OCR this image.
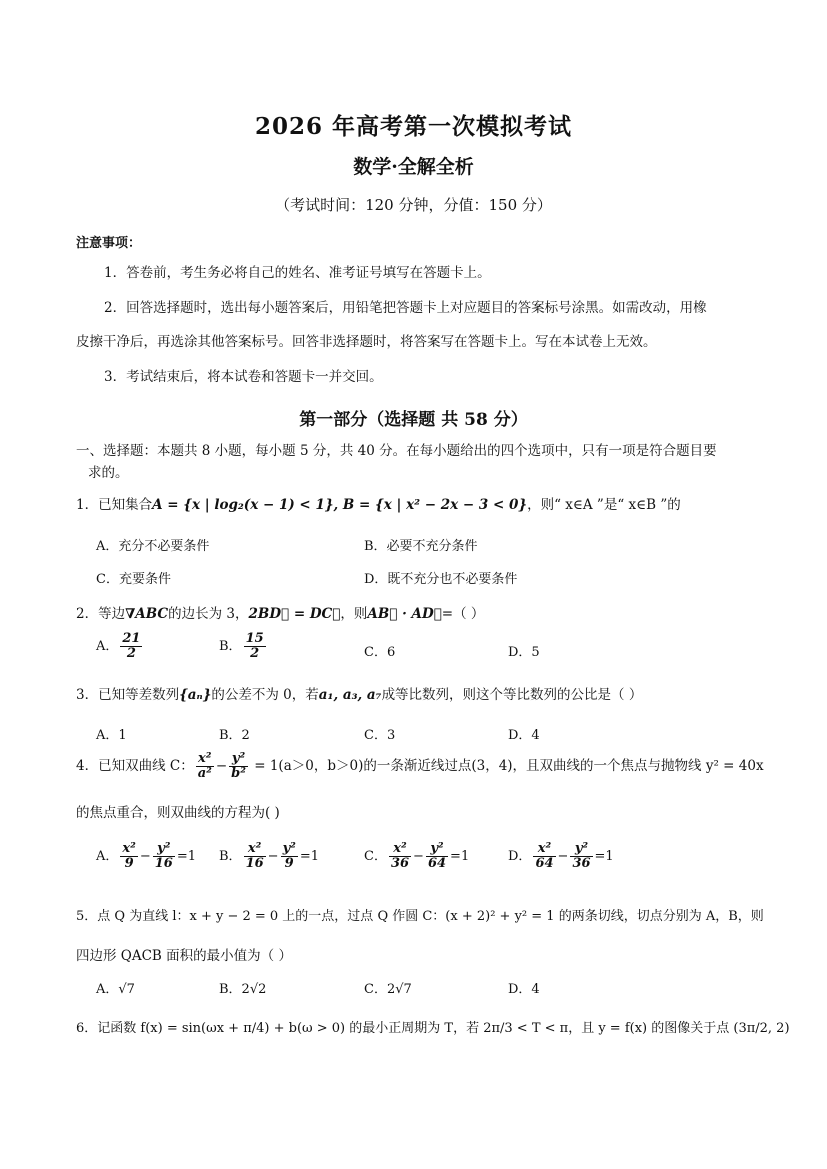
2026 年高考第一次模拟考试
数学·全解全析
（考试时间：120 分钟，分值：150 分）
注意事项：
1．答卷前，考生务必将自己的姓名、准考证号填写在答题卡上。
2．回答选择题时，选出每小题答案后，用铅笔把答题卡上对应题目的答案标号涂黑。如需改动，用橡
皮擦干净后，再选涂其他答案标号。回答非选择题时，将答案写在答题卡上。写在本试卷上无效。
3．考试结束后，将本试卷和答题卡一并交回。
第一部分（选择题 共 58 分）
一、选择题：本题共 8 小题，每小题 5 分，共 40 分。在每小题给出的四个选项中，只有一项是符合题目要
求的。
1．已知集合A = {x | log₂(x − 1) < 1}, B = {x | x² − 2x − 3 < 0}，则“ x∈A ”是“ x∈B ”的
A．充分不必要条件	B．必要不充分条件
C．充要条件	D．既不充分也不必要条件
2．等边∇ABC的边长为 3，2BD⃗ = DC⃗，则AB⃗ · AD⃗=（ ）
A． $\frac{21}{2}$	B． $\frac{15}{2}$	C．6	D．5
3．已知等差数列{aₙ}的公差不为 0，若a₁, a₃, a₇成等比数列，则这个等比数列的公比是（ ）
A．1	B．2	C．3	D．4
4．已知双曲线 C： $\frac{\text{x²}}{\text{a²}} - \frac{\text{y²}}{\text{b²}} = 1(a>0$，b＞0)的一条渐近线过点(3，4)，且双曲线的一个焦点与抛物线 y² = 40x
的焦点重合，则双曲线的方程为( )
A． $\frac{\text{x²}}{9} - \frac{\text{y²}}{16} =1$ B． $\frac{\text{x²}}{16} - \frac{\text{y²}}{9} =1$	C． $\frac{\text{x²}}{36} - \frac{\text{y²}}{64} =1$	D． $\frac{\text{x²}}{64} - \frac{\text{y²}}{36} =1$
5．点 Q 为直线 l：x + y − 2 = 0 上的一点，过点 Q 作圆 C：(x + 2)² + y² = 1 的两条切线，切点分别为 A，B，则
四边形 QACB 面积的最小值为（ ）
A．√7	B．2√2	C．2√7	D．4
6．记函数 f(x) = sin(ωx + π/4) + b(ω > 0) 的最小正周期为 T，若 2π/3 < T < π，且 y = f(x) 的图像关于点 (3π/2, 2)
